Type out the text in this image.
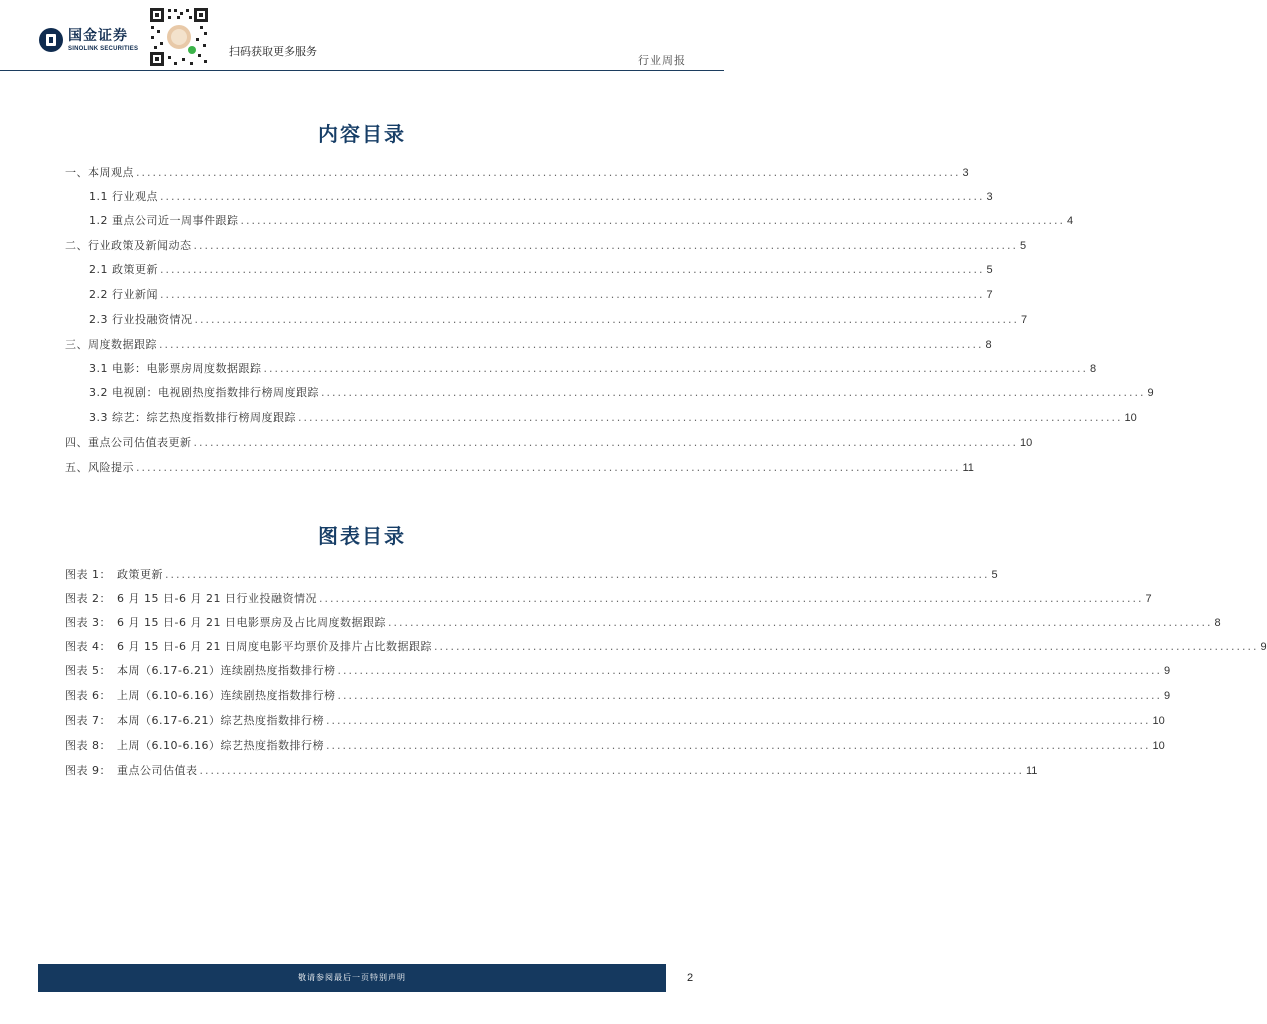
国金证券
SINOLINK SECURITIES	扫码获取更多服务
行业周报
内容目录
一、本周观点 ...................................................................................................................................................... 3
1.1 行业观点 ...................................................................................................................................................... 3
1.2 重点公司近一周事件跟踪 ...................................................................................................................................................... 4
二、行业政策及新闻动态 ...................................................................................................................................................... 5
2.1 政策更新 ...................................................................................................................................................... 5
2.2 行业新闻 ...................................................................................................................................................... 7
2.3 行业投融资情况 ...................................................................................................................................................... 7
三、周度数据跟踪 ...................................................................................................................................................... 8
3.1 电影：电影票房周度数据跟踪 ...................................................................................................................................................... 8
3.2 电视剧：电视剧热度指数排行榜周度跟踪 ...................................................................................................................................................... 9
3.3 综艺：综艺热度指数排行榜周度跟踪 ...................................................................................................................................................... 10
四、重点公司估值表更新 ...................................................................................................................................................... 10
五、风险提示 ...................................................................................................................................................... 11
图表目录
图表 1： 政策更新 ...................................................................................................................................................... 5
图表 2： 6 月 15 日-6 月 21 日行业投融资情况 ...................................................................................................................................................... 7
图表 3： 6 月 15 日-6 月 21 日电影票房及占比周度数据跟踪 ...................................................................................................................................................... 8
图表 4： 6 月 15 日-6 月 21 日周度电影平均票价及排片占比数据跟踪 ...................................................................................................................................................... 9
图表 5： 本周（6.17-6.21）连续剧热度指数排行榜 ...................................................................................................................................................... 9
图表 6： 上周（6.10-6.16）连续剧热度指数排行榜 ...................................................................................................................................................... 9
图表 7： 本周（6.17-6.21）综艺热度指数排行榜 ...................................................................................................................................................... 10
图表 8： 上周（6.10-6.16）综艺热度指数排行榜 ...................................................................................................................................................... 10
图表 9： 重点公司估值表 ...................................................................................................................................................... 11
敬请参阅最后一页特别声明	2
